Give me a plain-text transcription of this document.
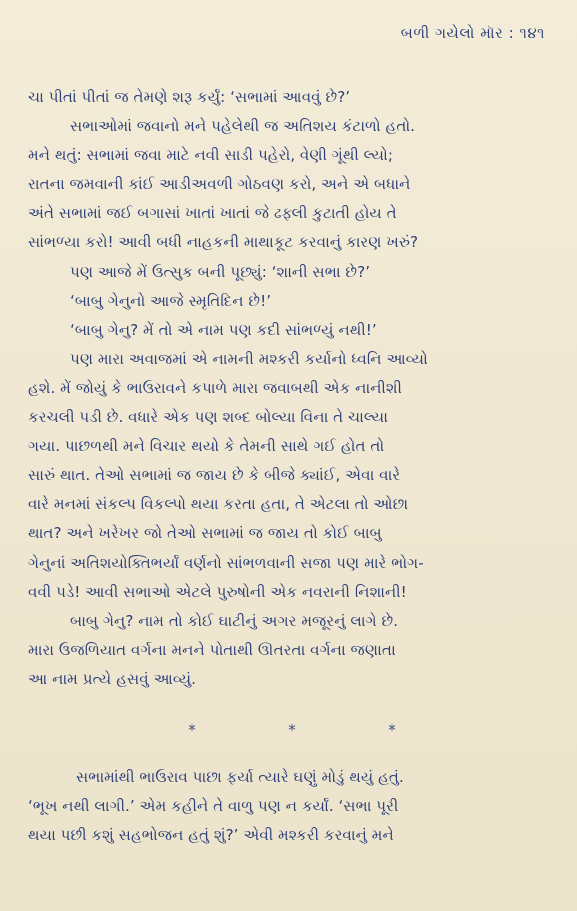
બળી ગયેલો મૉર : ૧૪૧
ચા પીતાં પીતાં જ તેમણે શરૂ કર્યું: ‘સભામાં આવવું છે?’
સભાઓમાં જવાનો મને પહેલેથી જ અતિશય કંટાળો હતો.
મને થતું: સભામાં જવા માટે નવી સાડી પહેરો, વેણી ગૂંથી લ્યો;
રાતના જમવાની કાંઈ આડીઅવળી ગોઠવણ કરો, અને એ બધાને
અંતે સભામાં જઈ બગાસાં ખાતાં ખાતાં જે ઢફ્લી કુટાતી હોય તે
સાંભળ્યા કરો! આવી બધી નાહકની માથાકૂટ કરવાનું કારણ ખરું?
પણ આજે મેં ઉત્સુક બની પૂછ્યું: ‘શાની સભા છે?’
‘બાબુ ગેનુનો આજે સ્મૃતિદિન છે!’
‘બાબુ ગેનુ? મેં તો એ નામ પણ કદી સાંભળ્યું નથી!’
પણ મારા અવાજમાં એ નામની મશ્કરી કર્યાનો ધ્વનિ આવ્યો
હશે. મેં જોયું કે ભાઉરાવને કપાળે મારા જવાબથી એક નાનીશી
કરચલી પડી છે. વધારે એક પણ શબ્દ બોલ્યા વિના તે ચાલ્યા
ગયા. પાછળથી મને વિચાર થયો કે તેમની સાથે ગઈ હોત તો
સારું થાત. તેઓ સભામાં જ જાય છે કે બીજે ક્યાંઈ, એવા વારે
વારે મનમાં સંકલ્પ વિકલ્પો થયા કરતા હતા, તે એટલા તો ઓછા
થાત? અને ખરેખર જો તેઓ સભામાં જ જાય તો કોઈ બાબુ
ગેનુનાં અતિશયોક્તિભર્યાં વર્ણનો સાંભળવાની સજા પણ મારે ભોગ-
વવી પડે! આવી સભાઓ એટલે પુરુષોની એક નવરાની નિશાની!
બાબુ ગેનુ? નામ તો કોઈ ઘાટીનું અગર મજૂરનું લાગે છે.
મારા ઉજળિયાત વર્ગના મનને પોતાથી ઊતરતા વર્ગના જણાતા
આ નામ પ્રત્યે હસવું આવ્યું.
*	*	*
સભામાંથી ભાઉરાવ પાછા ફર્યા ત્યારે ઘણું મોડું થયું હતું.
‘ભૂખ નથી લાગી.’ એમ કહીને તે વાળુ પણ ન કર્યાં. ‘સભા પૂરી
થયા પછી કશું સહભોજન હતું શું?’ એવી મશ્કરી કરવાનું મને
